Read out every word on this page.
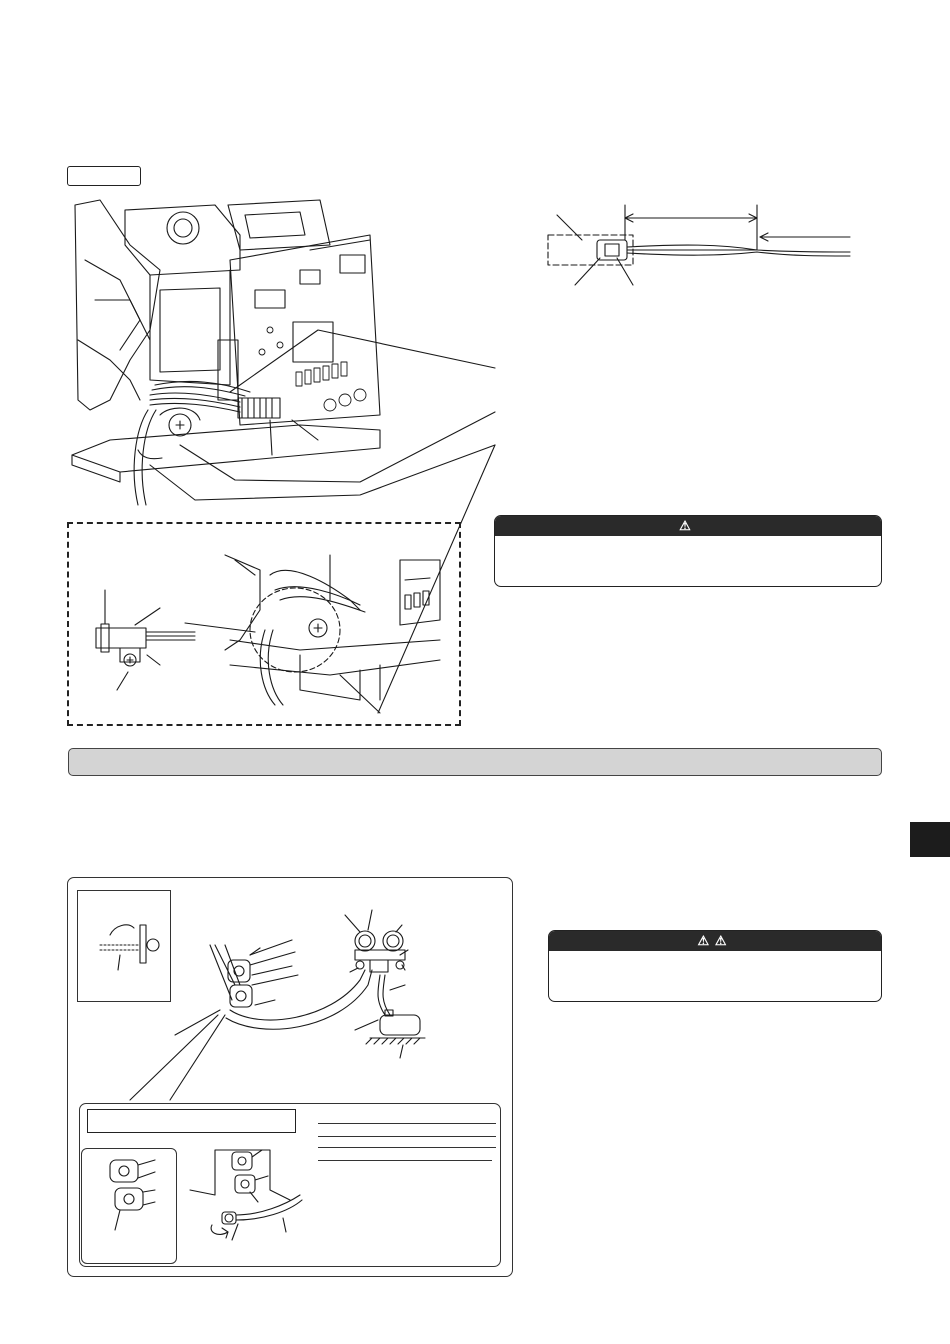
⚠
⚠ ⚠
